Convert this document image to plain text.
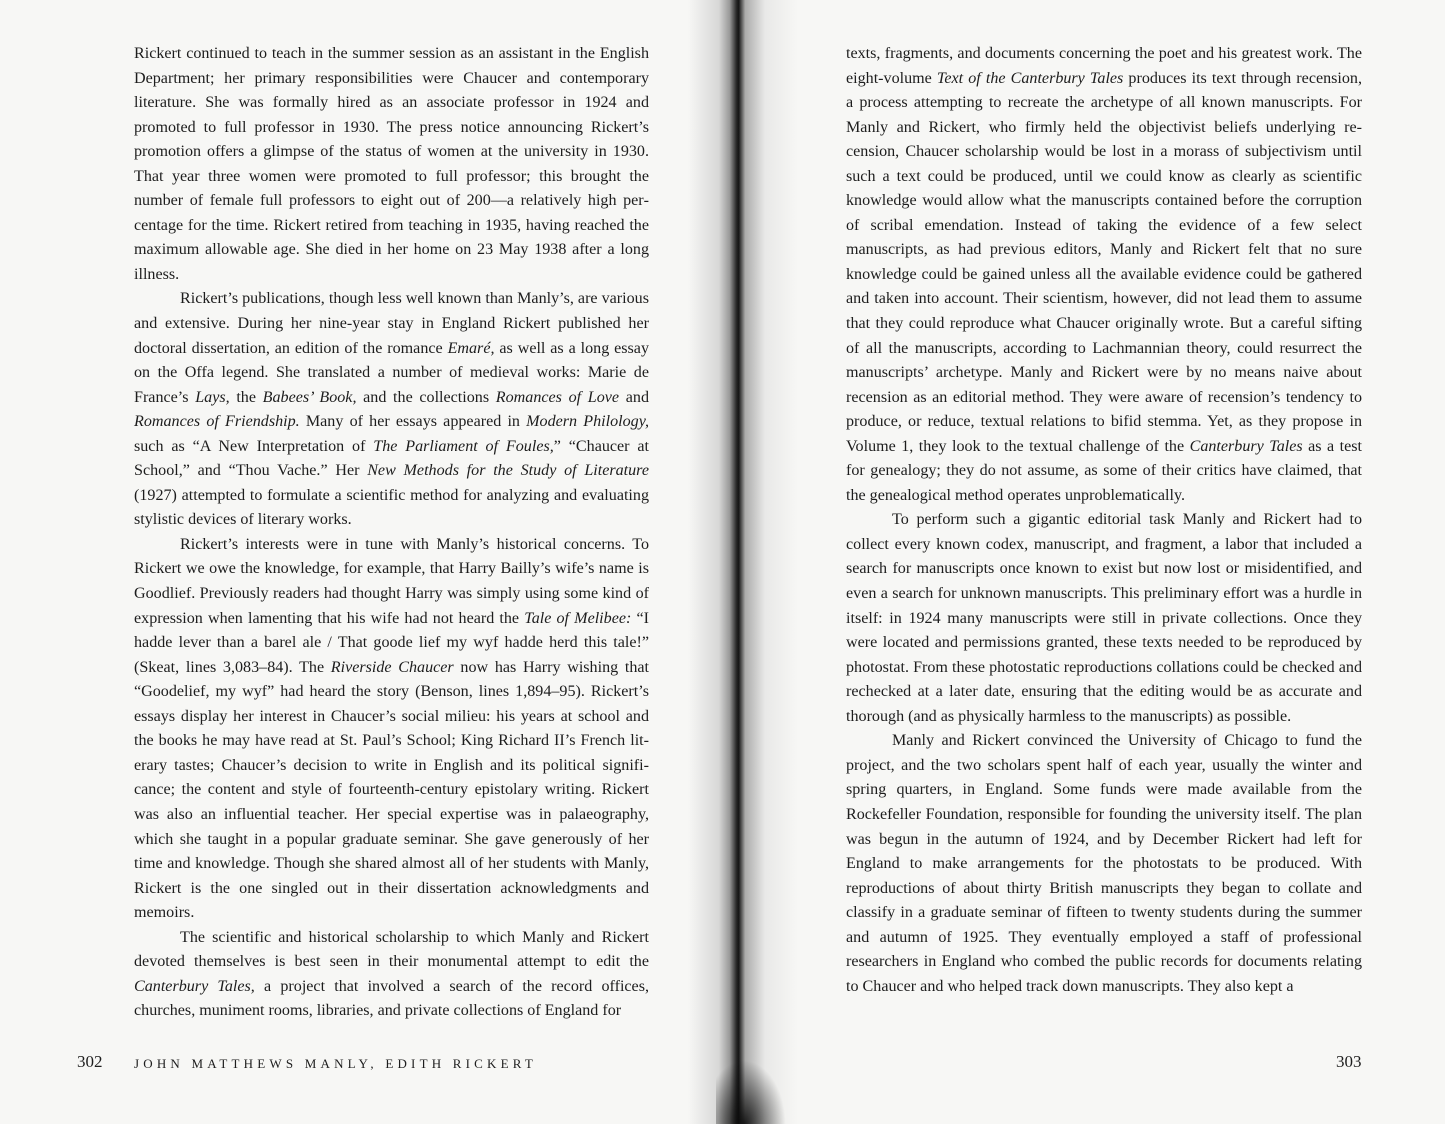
Rickert continued to teach in the summer session as an assistant in the English Department; her primary responsibilities were Chaucer and contemporary literature. She was formally hired as an associate professor in 1924 and promoted to full professor in 1930. The press notice announcing Rickert’s promotion offers a glimpse of the status of women at the university in 1930. That year three women were promoted to full professor; this brought the number of female full professors to eight out of 200—a relatively high percentage for the time. Rickert retired from teaching in 1935, having reached the maximum allowable age. She died in her home on 23 May 1938 after a long illness.

Rickert’s publications, though less well known than Manly’s, are various and extensive. During her nine-year stay in England Rickert published her doctoral dissertation, an edition of the romance Emaré, as well as a long essay on the Offa legend. She translated a number of medieval works: Marie de France’s Lays, the Babees’ Book, and the collections Romances of Love and Romances of Friendship. Many of her essays appeared in Modern Philology, such as “A New Interpretation of The Parliament of Foules,” “Chaucer at School,” and “Thou Vache.” Her New Methods for the Study of Literature (1927) attempted to formulate a scientific method for analyzing and evaluating stylistic devices of literary works.

Rickert’s interests were in tune with Manly’s historical concerns. To Rickert we owe the knowledge, for example, that Harry Bailly’s wife’s name is Goodlief. Previously readers had thought Harry was simply using some kind of expression when lamenting that his wife had not heard the Tale of Melibee: “I hadde lever than a barel ale / That goode lief my wyf hadde herd this tale!” (Skeat, lines 3,083–84). The Riverside Chaucer now has Harry wishing that “Goodelief, my wyf” had heard the story (Benson, lines 1,894–95). Rickert’s essays display her interest in Chaucer’s social milieu: his years at school and the books he may have read at St. Paul’s School; King Richard II’s French literary tastes; Chaucer’s decision to write in English and its political significance; the content and style of fourteenth-century epistolary writing. Rickert was also an influential teacher. Her special expertise was in palaeography, which she taught in a popular graduate seminar. She gave generously of her time and knowledge. Though she shared almost all of her students with Manly, Rickert is the one singled out in their dissertation acknowledgments and memoirs.

The scientific and historical scholarship to which Manly and Rickert devoted themselves is best seen in their monumental attempt to edit the Canterbury Tales, a project that involved a search of the record offices, churches, muniment rooms, libraries, and private collections of England for

302 JOHN MATTHEWS MANLY, EDITH RICKERT

texts, fragments, and documents concerning the poet and his greatest work. The eight-volume Text of the Canterbury Tales produces its text through recension, a process attempting to recreate the archetype of all known manuscripts. For Manly and Rickert, who firmly held the objectivist beliefs underlying recension, Chaucer scholarship would be lost in a morass of subjectivism until such a text could be produced, until we could know as clearly as scientific knowledge would allow what the manuscripts contained before the corruption of scribal emendation. Instead of taking the evidence of a few select manuscripts, as had previous editors, Manly and Rickert felt that no sure knowledge could be gained unless all the available evidence could be gathered and taken into account. Their scientism, however, did not lead them to assume that they could reproduce what Chaucer originally wrote. But a careful sifting of all the manuscripts, according to Lachmannian theory, could resurrect the manuscripts’ archetype. Manly and Rickert were by no means naive about recension as an editorial method. They were aware of recension’s tendency to produce, or reduce, textual relations to bifid stemma. Yet, as they propose in Volume 1, they look to the textual challenge of the Canterbury Tales as a test for genealogy; they do not assume, as some of their critics have claimed, that the genealogical method operates unproblematically.

To perform such a gigantic editorial task Manly and Rickert had to collect every known codex, manuscript, and fragment, a labor that included a search for manuscripts once known to exist but now lost or misidentified, and even a search for unknown manuscripts. This preliminary effort was a hurdle in itself: in 1924 many manuscripts were still in private collections. Once they were located and permissions granted, these texts needed to be reproduced by photostat. From these photostatic reproductions collations could be checked and rechecked at a later date, ensuring that the editing would be as accurate and thorough (and as physically harmless to the manuscripts) as possible.

Manly and Rickert convinced the University of Chicago to fund the project, and the two scholars spent half of each year, usually the winter and spring quarters, in England. Some funds were made available from the Rockefeller Foundation, responsible for founding the university itself. The plan was begun in the autumn of 1924, and by December Rickert had left for England to make arrangements for the photostats to be produced. With reproductions of about thirty British manuscripts they began to collate and classify in a graduate seminar of fifteen to twenty students during the summer and autumn of 1925. They eventually employed a staff of professional researchers in England who combed the public records for documents relating to Chaucer and who helped track down manuscripts. They also kept a

303
